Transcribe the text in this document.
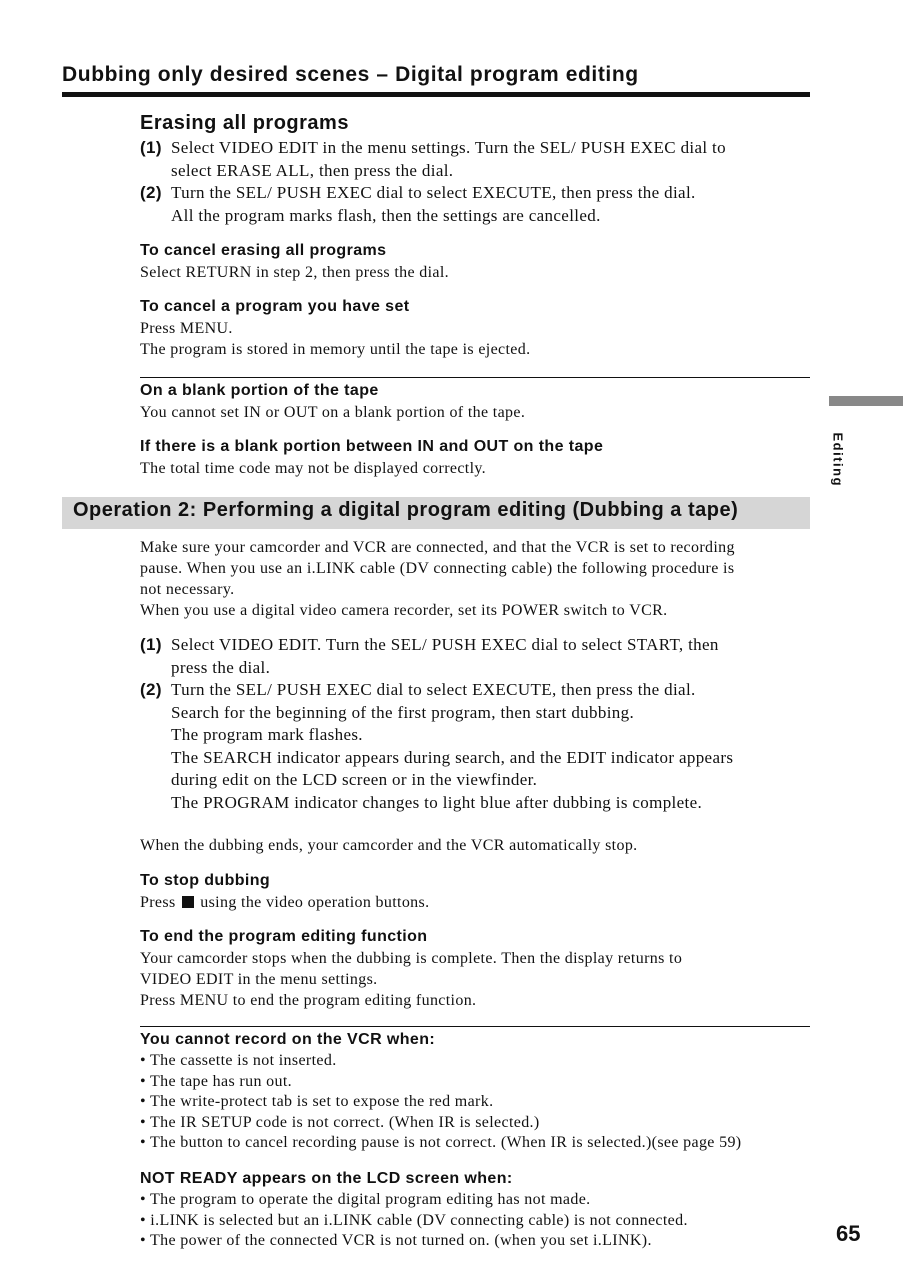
Dubbing only desired scenes – Digital program editing
Editing
Erasing all programs
(1) Select VIDEO EDIT in the menu settings. Turn the SEL/ PUSH EXEC dial to
select ERASE ALL, then press the dial.
(2) Turn the SEL/ PUSH EXEC dial to select EXECUTE, then press the dial.
All the program marks flash, then the settings are cancelled.
To cancel erasing all programs
Select RETURN in step 2, then press the dial.
To cancel a program you have set
Press MENU.
The program is stored in memory until the tape is ejected.
On a blank portion of the tape
You cannot set IN or OUT on a blank portion of the tape.
If there is a blank portion between IN and OUT on the tape
The total time code may not be displayed correctly.
Operation 2: Performing a digital program editing (Dubbing a tape)
Make sure your camcorder and VCR are connected, and that the VCR is set to recording
pause. When you use an i.LINK cable (DV connecting cable) the following procedure is
not necessary.
When you use a digital video camera recorder, set its POWER switch to VCR.
(1) Select VIDEO EDIT. Turn the SEL/ PUSH EXEC dial to select START, then
press the dial.
(2) Turn the SEL/ PUSH EXEC dial to select EXECUTE, then press the dial.
Search for the beginning of the first program, then start dubbing.
The program mark flashes.
The SEARCH indicator appears during search, and the EDIT indicator appears
during edit on the LCD screen or in the viewfinder.
The PROGRAM indicator changes to light blue after dubbing is complete.
When the dubbing ends, your camcorder and the VCR automatically stop.
To stop dubbing
Press using the video operation buttons.
To end the program editing function
Your camcorder stops when the dubbing is complete. Then the display returns to
VIDEO EDIT in the menu settings.
Press MENU to end the program editing function.
You cannot record on the VCR when:
• The cassette is not inserted.
• The tape has run out.
• The write-protect tab is set to expose the red mark.
• The IR SETUP code is not correct. (When IR is selected.)
• The button to cancel recording pause is not correct. (When IR is selected.)(see page 59)
NOT READY appears on the LCD screen when:
• The program to operate the digital program editing has not made.
• i.LINK is selected but an i.LINK cable (DV connecting cable) is not connected.
• The power of the connected VCR is not turned on. (when you set i.LINK).	65
